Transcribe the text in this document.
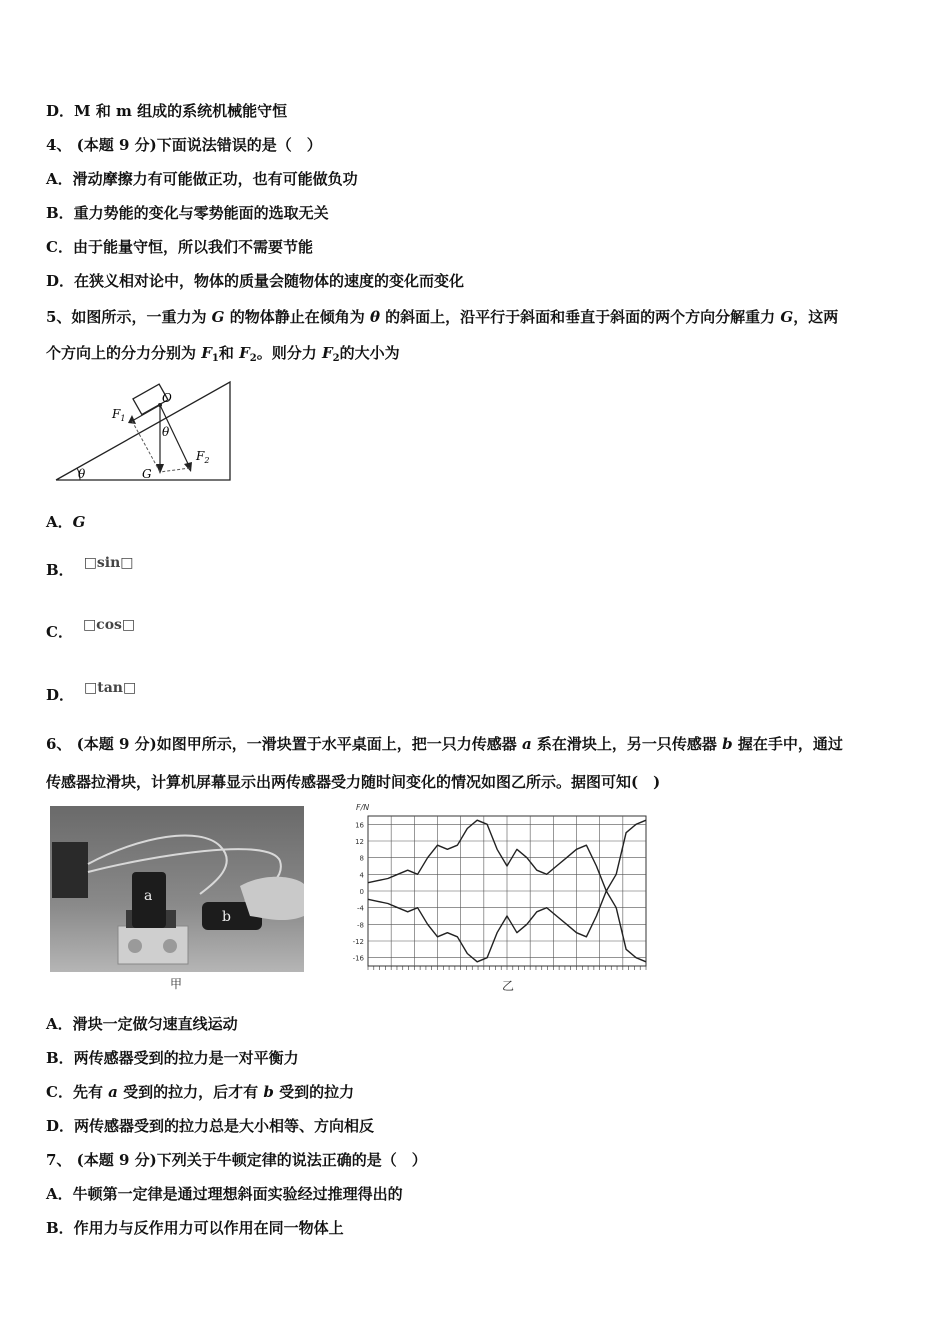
D．M 和 m 组成的系统机械能守恒
4、 (本题 9 分)下面说法错误的是（　）
A．滑动摩擦力有可能做正功，也有可能做负功
B．重力势能的变化与零势能面的选取无关
C．由于能量守恒，所以我们不需要节能
D．在狭义相对论中，物体的质量会随物体的速度的变化而变化
5、如图所示，一重力为 G 的物体静止在倾角为 θ 的斜面上，沿平行于斜面和垂直于斜面的两个方向分解重力 G，这两
个方向上的分力分别为 $F_1$和 $F_2$。则分力 $F_2$的大小为
$F_1$
O
θ
$F_2$
G
θ
A．G
B． □sin□
C． □cos□
D． □tan□
6、 (本题 9 分)如图甲所示，一滑块置于水平桌面上，把一只力传感器 a 系在滑块上，另一只传感器 b 握在手中，通过
传感器拉滑块，计算机屏幕显示出两传感器受力随时间变化的情况如图乙所示。据图可知(　)
a
b
甲
F/N
16
12
8
4
0
-4
-8
-12
-16
乙
A．滑块一定做匀速直线运动
B．两传感器受到的拉力是一对平衡力
C．先有 a 受到的拉力，后才有 b 受到的拉力
D．两传感器受到的拉力总是大小相等、方向相反
7、 (本题 9 分)下列关于牛顿定律的说法正确的是（　）
A．牛顿第一定律是通过理想斜面实验经过推理得出的
B．作用力与反作用力可以作用在同一物体上
